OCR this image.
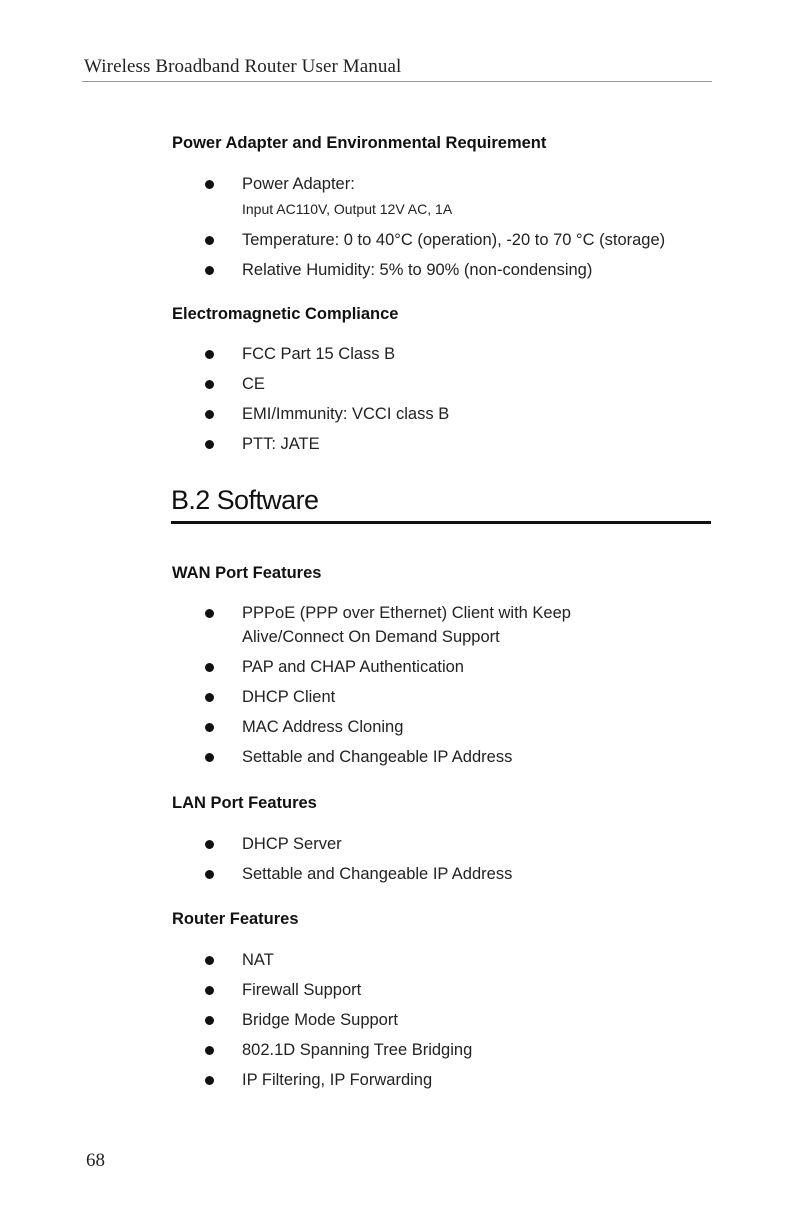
Wireless Broadband Router User Manual
Power Adapter and Environmental Requirement
Power Adapter:
Input AC110V, Output 12V AC, 1A
Temperature: 0 to 40°C (operation), -20 to 70 °C (storage)
Relative Humidity: 5% to 90% (non-condensing)
Electromagnetic Compliance
FCC Part 15 Class B
CE
EMI/Immunity: VCCI class B
PTT: JATE
B.2 Software
WAN Port Features
PPPoE (PPP over Ethernet) Client with Keep
Alive/Connect On Demand Support
PAP and CHAP Authentication
DHCP Client
MAC Address Cloning
Settable and Changeable IP Address
LAN Port Features
DHCP Server
Settable and Changeable IP Address
Router Features
NAT
Firewall Support
Bridge Mode Support
802.1D Spanning Tree Bridging
IP Filtering, IP Forwarding
68
